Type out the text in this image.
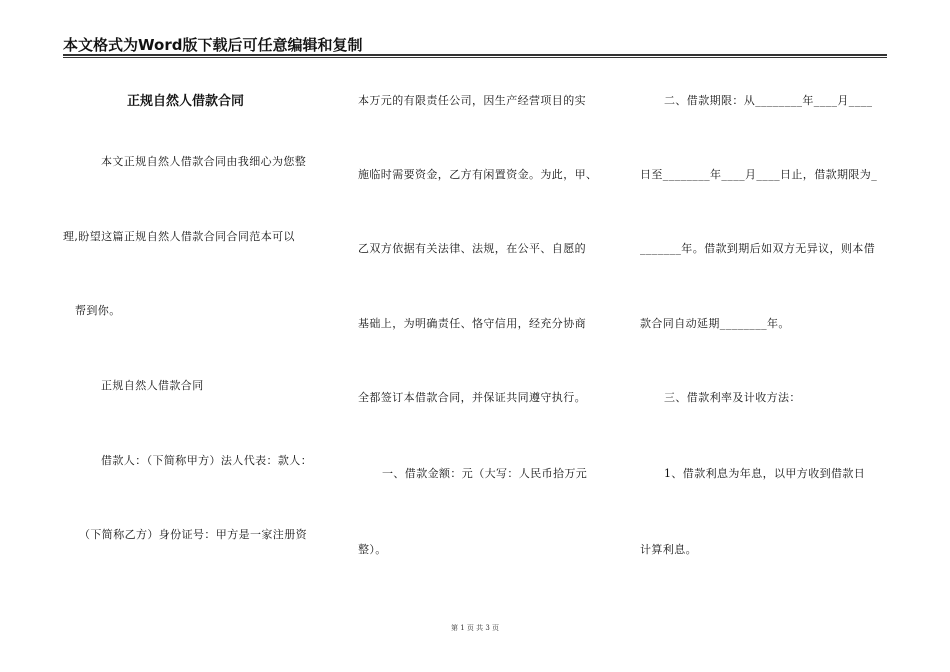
本文格式为Word版下载后可任意编辑和复制
正规自然人借款合同
本文正规自然人借款合同由我细心为您整
理,盼望这篇正规自然人借款合同合同范本可以
帮到你。
正规自然人借款合同
借款人：（下简称甲方）法人代表：款人：
（下简称乙方）身份证号：甲方是一家注册资
本万元的有限责任公司，因生产经营项目的实
施临时需要资金，乙方有闲置资金。为此，甲、
乙双方依据有关法律、法规，在公平、自愿的
基础上，为明确责任、恪守信用，经充分协商
全都签订本借款合同，并保证共同遵守执行。
一、借款金额：元（大写：人民币拾万元
整）。
二、借款期限：从________年____月____
日至________年____月____日止，借款期限为_
_______年。借款到期后如双方无异议，则本借
款合同自动延期________年。
三、借款利率及计收方法：
1、借款利息为年息，以甲方收到借款日
计算利息。
第 1 页 共 3 页
